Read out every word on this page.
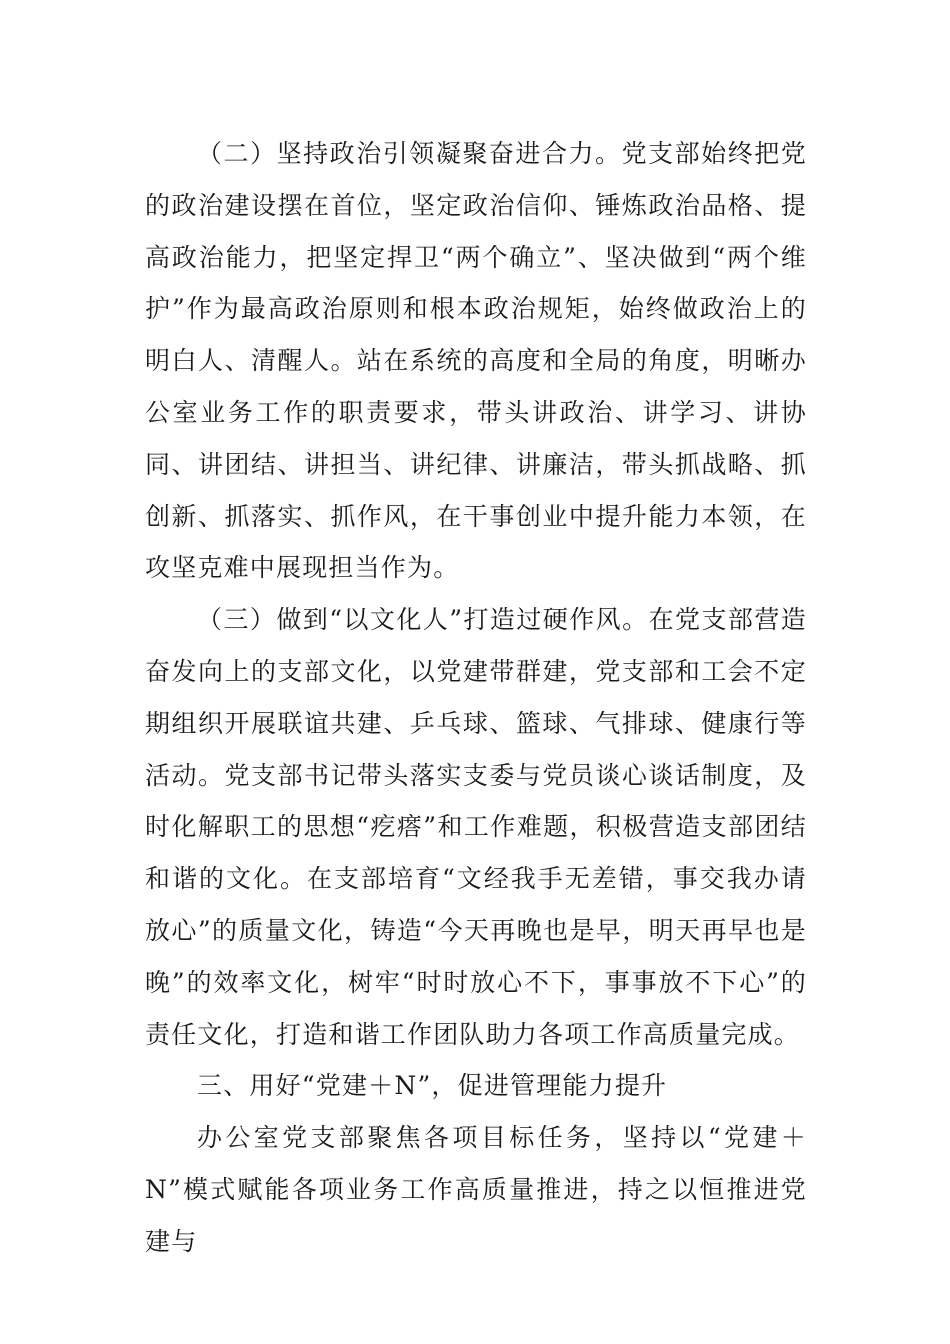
（二）坚持政治引领凝聚奋进合力。党支部始终把党的政治建设摆在首位，坚定政治信仰、锤炼政治品格、提高政治能力，把坚定捍卫“两个确立”、坚决做到“两个维护”作为最高政治原则和根本政治规矩，始终做政治上的明白人、清醒人。站在系统的高度和全局的角度，明晰办公室业务工作的职责要求，带头讲政治、讲学习、讲协同、讲团结、讲担当、讲纪律、讲廉洁，带头抓战略、抓创新、抓落实、抓作风，在干事创业中提升能力本领，在攻坚克难中展现担当作为。

（三）做到“以文化人”打造过硬作风。在党支部营造奋发向上的支部文化，以党建带群建，党支部和工会不定期组织开展联谊共建、乒乓球、篮球、气排球、健康行等活动。党支部书记带头落实支委与党员谈心谈话制度，及时化解职工的思想“疙瘩”和工作难题，积极营造支部团结和谐的文化。在支部培育“文经我手无差错，事交我办请放心”的质量文化，铸造“今天再晚也是早，明天再早也是晚”的效率文化，树牢“时时放心不下，事事放不下心”的责任文化，打造和谐工作团队助力各项工作高质量完成。

三、用好“党建＋N”，促进管理能力提升

办公室党支部聚焦各项目标任务，坚持以“党建＋N”模式赋能各项业务工作高质量推进，持之以恒推进党建与
